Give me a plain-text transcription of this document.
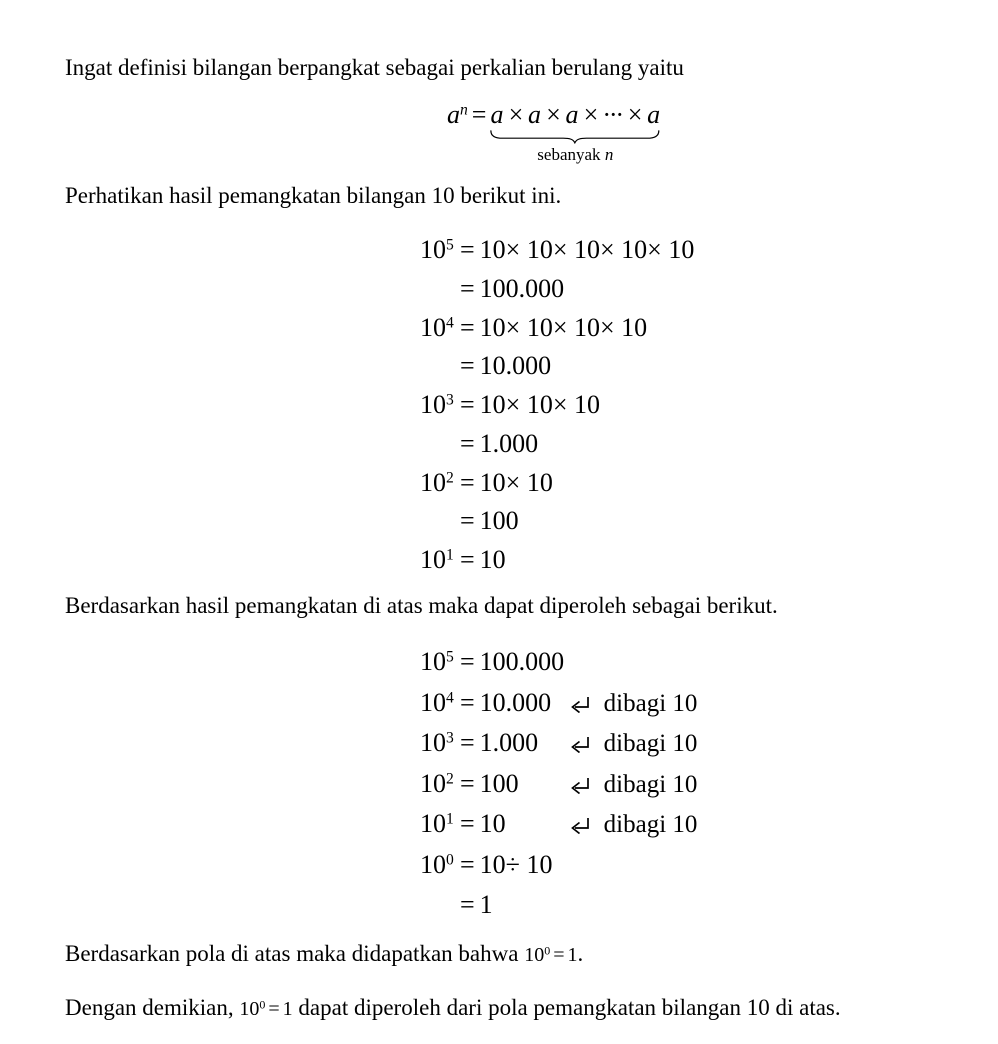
Ingat definisi bilangan berpangkat sebagai perkalian berulang yaitu

$a^n = a \times a \times a$ × ··· × a
sebanyak n

Perhatikan hasil pemangkatan bilangan 10 berikut ini.

$10^5 = 10\times 10\times 10\times 10\times 10$
= 100.000
$10^4 = 10\times 10\times 10\times 10$
= 10.000
$10^3 = 10\times 10\times 10$
= 1.000
$10^2 = 10\times 10$
= 100
$10^1 = 10$

Berdasarkan hasil pemangkatan di atas maka dapat diperoleh sebagai berikut.

$10^5 = 100.000$
$10^4 = 10.000$ dibagi 10
$10^3 = 1.000$	dibagi 10
$10^2 = 100$	dibagi 10
$10^1 = 10$	dibagi 10
$10^0 = 10\div 10$
= 1

Berdasarkan pola di atas maka didapatkan bahwa $10^0 = 1$.

Dengan demikian, $10^0 = 1$ dapat diperoleh dari pola pemangkatan bilangan 10 di atas.
